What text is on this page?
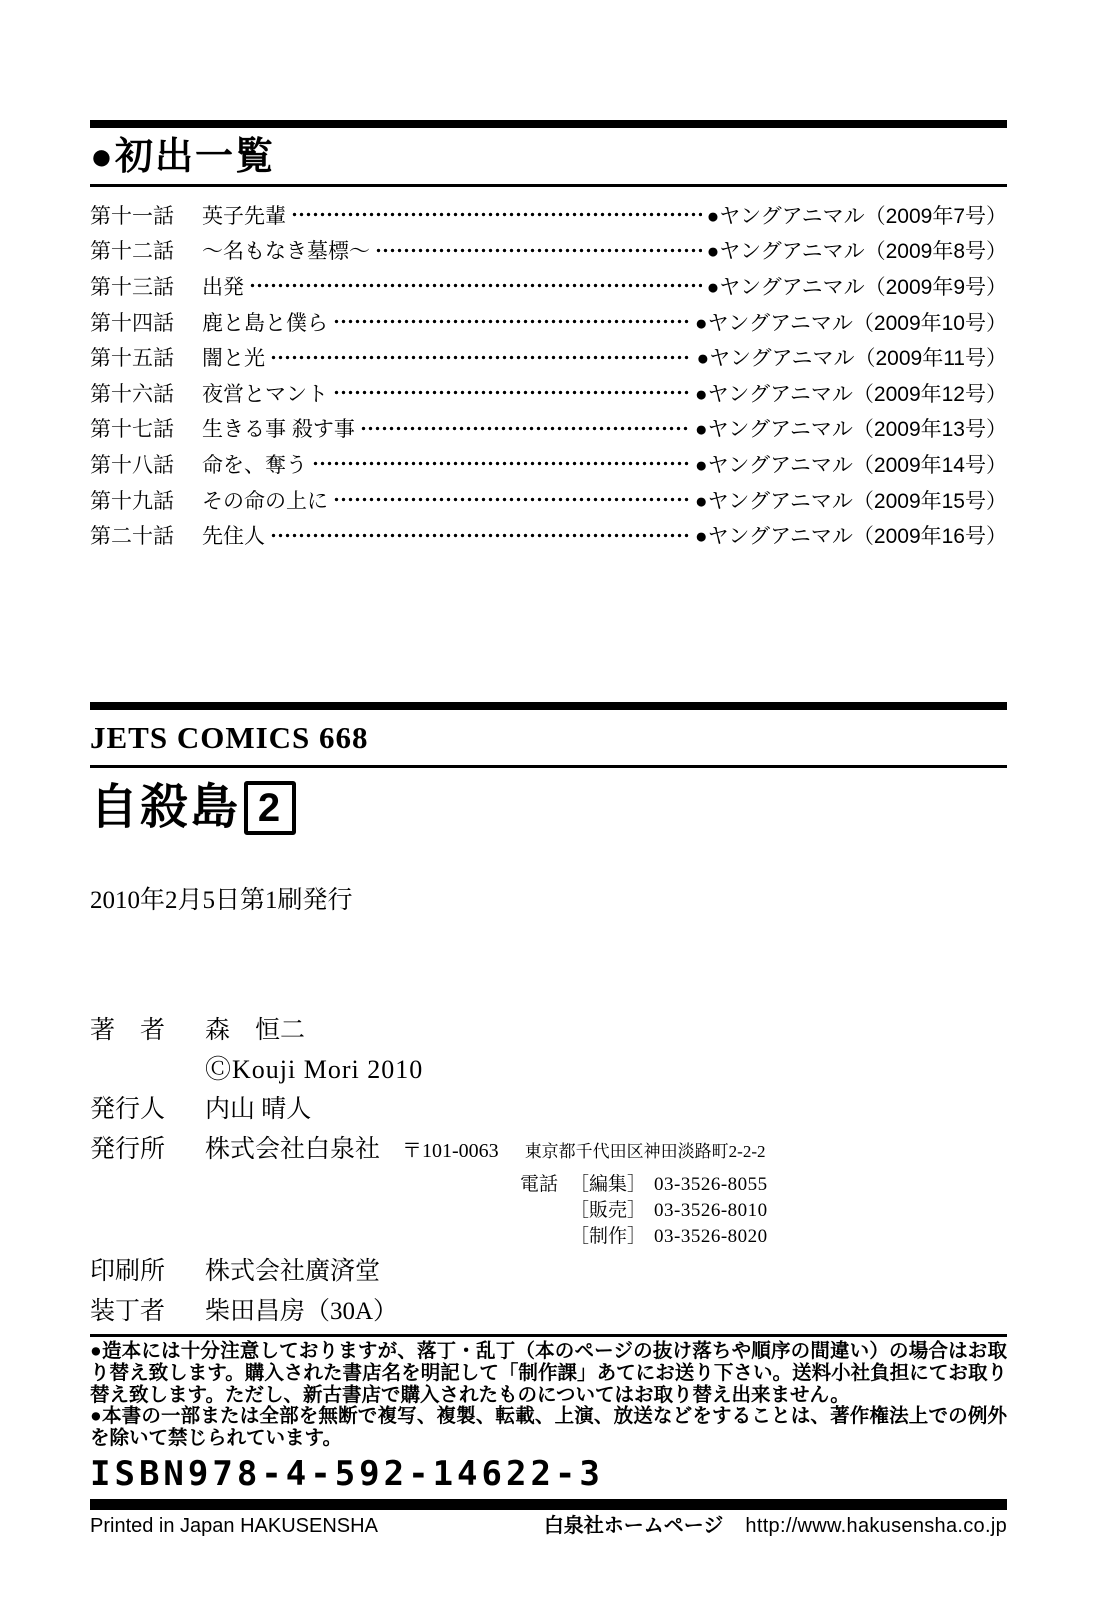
●初出一覧
第十一話	英子先輩	●ヤングアニマル（2009年7号）
第十二話	～名もなき墓標～	●ヤングアニマル（2009年8号）
第十三話	出発	●ヤングアニマル（2009年9号）
第十四話	鹿と島と僕ら	●ヤングアニマル（2009年10号）
第十五話	闇と光	●ヤングアニマル（2009年11号）
第十六話	夜営とマント	●ヤングアニマル（2009年12号）
第十七話	生きる事 殺す事	●ヤングアニマル（2009年13号）
第十八話	命を、奪う	●ヤングアニマル（2009年14号）
第十九話	その命の上に	●ヤングアニマル（2009年15号）
第二十話	先住人	●ヤングアニマル（2009年16号）
JETS COMICS 668
自殺島 2
2010年2月5日第1刷発行
著　者	森　恒二
ⒸKouji Mori 2010
発行人	内山 晴人
発行所	株式会社白泉社 〒101-0063 東京都千代田区神田淡路町2-2-2
電話 ［編集］ 03-3526-8055
［販売］ 03-3526-8010
［制作］ 03-3526-8020
印刷所	株式会社廣済堂
装丁者	柴田昌房（30A）

●造本には十分注意しておりますが、落丁・乱丁（本のページの抜け落ちや順序の間違い）の場合はお取り替え致します。購入された書店名を明記して「制作課」あてにお送り下さい。送料小社負担にてお取り替え致します。ただし、新古書店で購入されたものについてはお取り替え出来ません。

●本書の一部または全部を無断で複写、複製、転載、上演、放送などをすることは、著作権法上での例外を除いて禁じられています。

ISBN978-4-592-14622-3
Printed in Japan HAKUSENSHA	白泉社ホームページ http://www.hakusensha.co.jp
